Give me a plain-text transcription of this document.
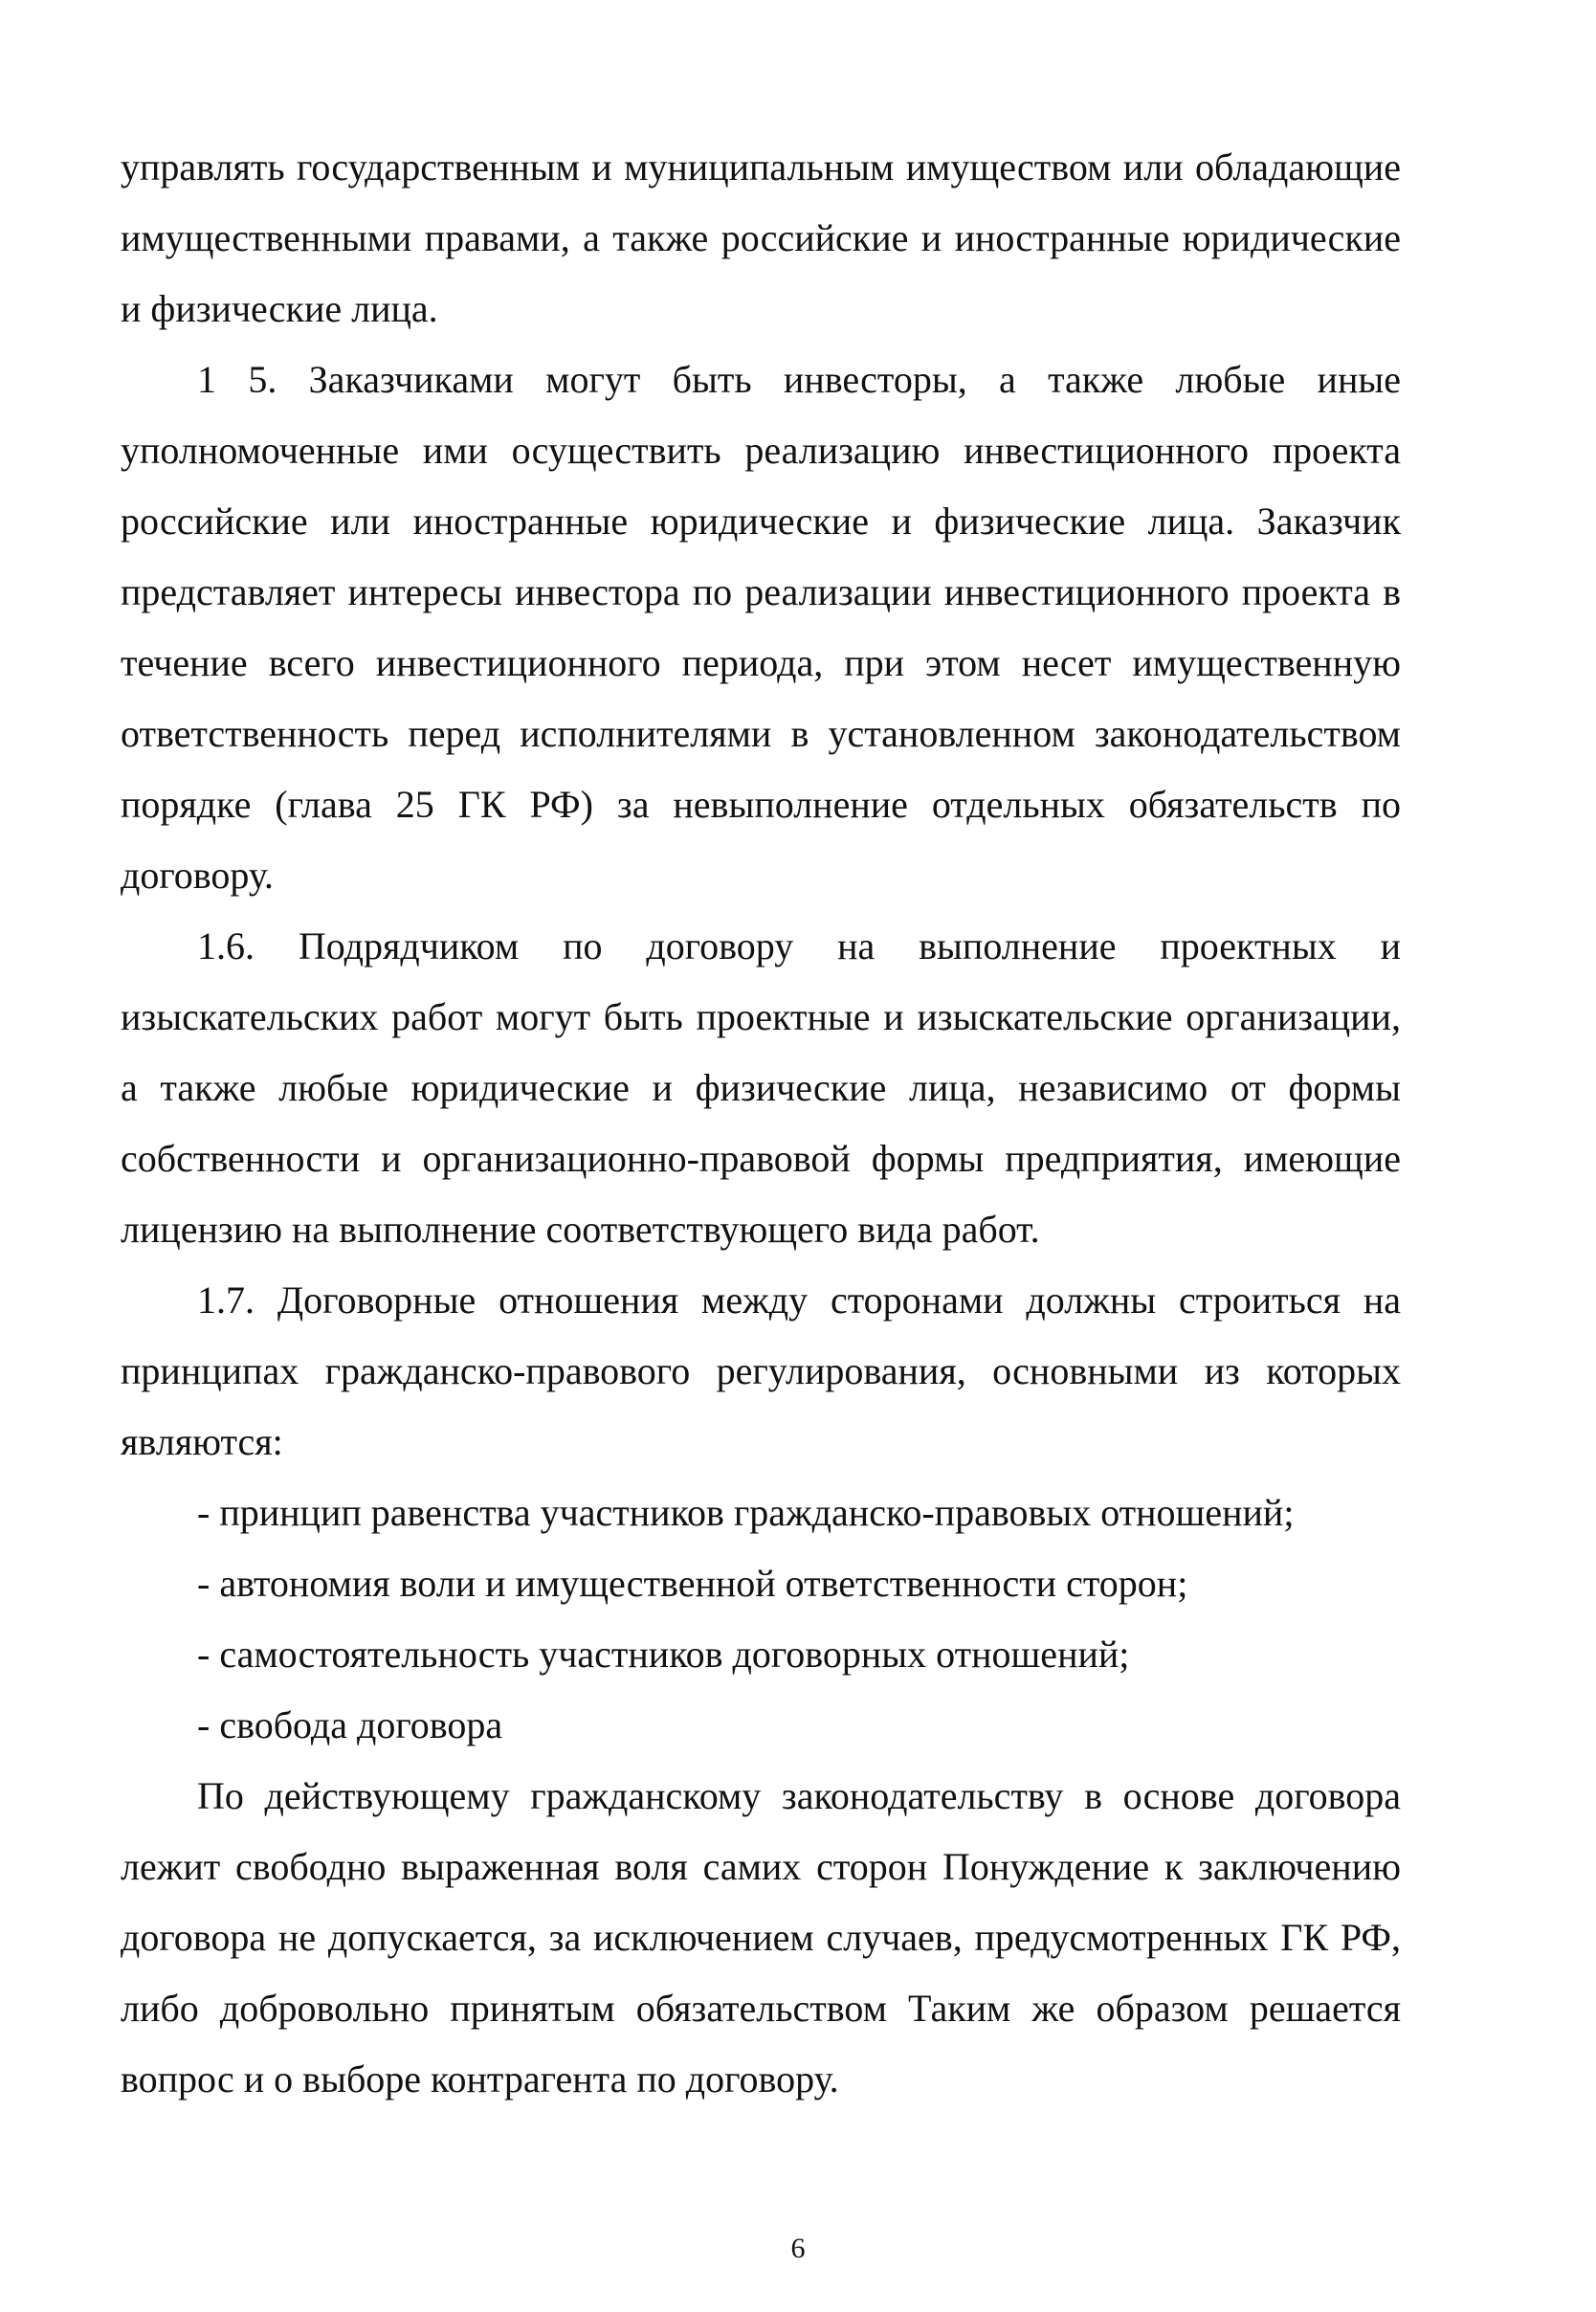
управлять государственным и муниципальным имуществом или обладающие имущественными правами, а также российские и иностранные юридические и физические лица.

1 5. Заказчиками могут быть инвесторы, а также любые иные уполномоченные ими осуществить реализацию инвестиционного проекта российские или иностранные юридические и физические лица. Заказчик представляет интересы инвестора по реализации инвестиционного проекта в течение всего инвестиционного периода, при этом несет имущественную ответственность перед исполнителями в установленном законодательством порядке (глава 25 ГК РФ) за невыполнение отдельных обязательств по договору.

1.6. Подрядчиком по договору на выполнение проектных и изыскательских работ могут быть проектные и изыскательские организации, а также любые юридические и физические лица, независимо от формы собственности и организационно-правовой формы предприятия, имеющие лицензию на выполнение соответствующего вида работ.

1.7. Договорные отношения между сторонами должны строиться на принципах гражданско-правового регулирования, основными из которых являются:

- принцип равенства участников гражданско-правовых отношений;

- автономия воли и имущественной ответственности сторон;

- самостоятельность участников договорных отношений;

- свобода договора

По действующему гражданскому законодательству в основе договора лежит свободно выраженная воля самих сторон Понуждение к заключению договора не допускается, за исключением случаев, предусмотренных ГК РФ, либо добровольно принятым обязательством Таким же образом решается вопрос и о выборе контрагента по договору.

6
